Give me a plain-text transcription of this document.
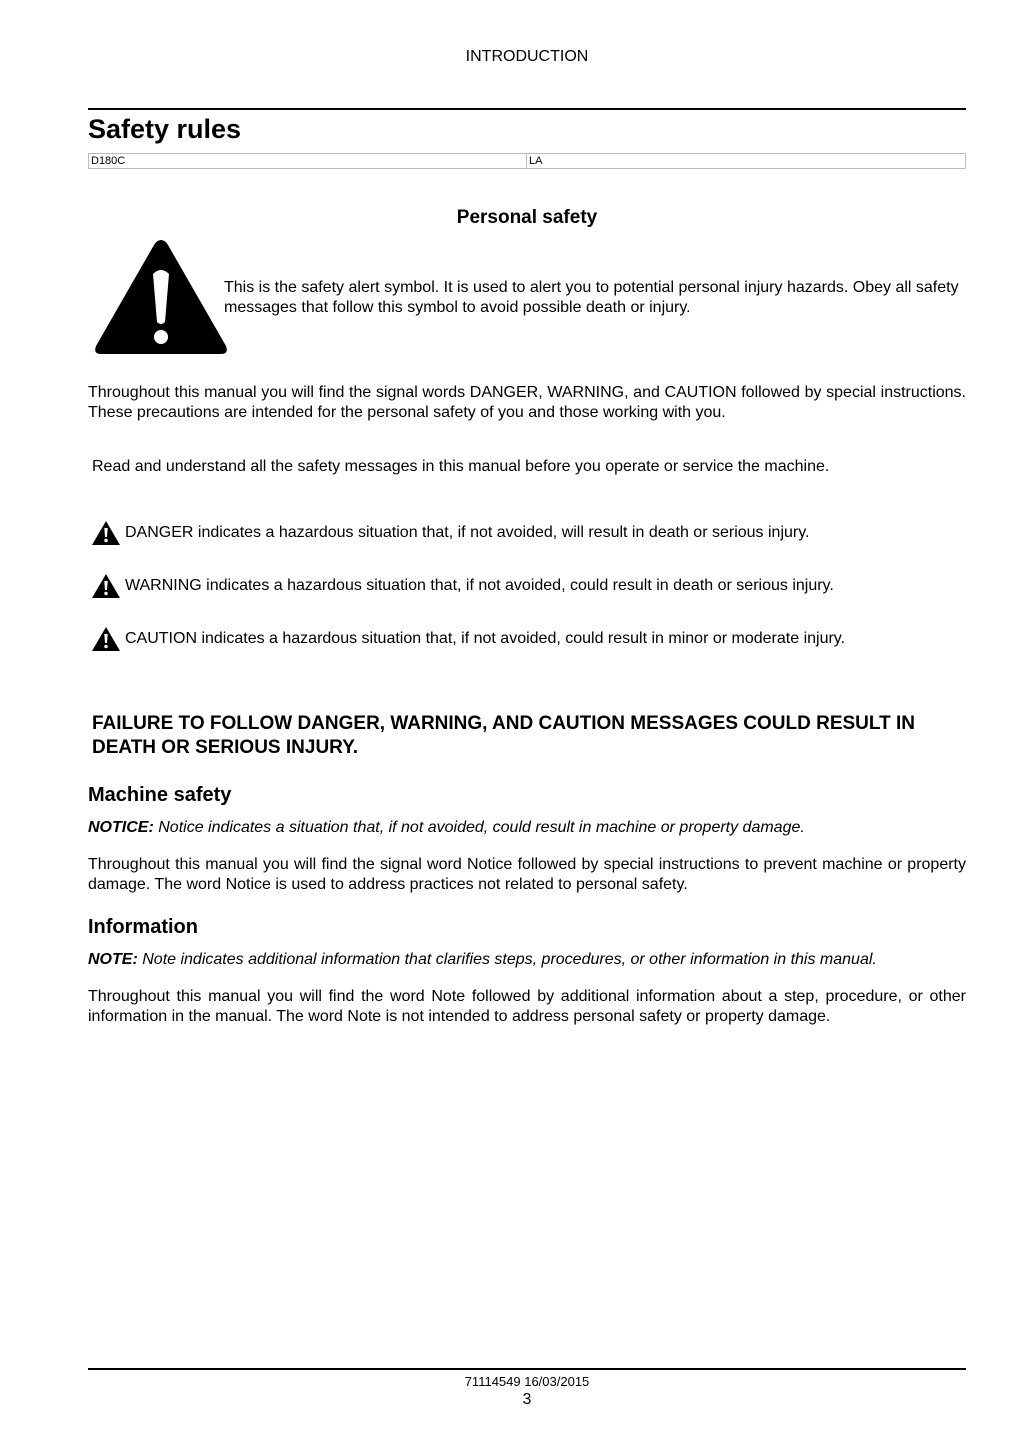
INTRODUCTION
Safety rules
D180C	LA
Personal safety
This is the safety alert symbol. It is used to alert you to potential personal injury hazards. Obey all safety messages that follow this symbol to avoid possible death or injury.
Throughout this manual you will find the signal words DANGER, WARNING, and CAUTION followed by special instructions. These precautions are intended for the personal safety of you and those working with you.
Read and understand all the safety messages in this manual before you operate or service the machine.
DANGER indicates a hazardous situation that, if not avoided, will result in death or serious injury.
WARNING indicates a hazardous situation that, if not avoided, could result in death or serious injury.
CAUTION indicates a hazardous situation that, if not avoided, could result in minor or moderate injury.
FAILURE TO FOLLOW DANGER, WARNING, AND CAUTION MESSAGES COULD RESULT IN DEATH OR SERIOUS INJURY.
Machine safety
NOTICE: Notice indicates a situation that, if not avoided, could result in machine or property damage.
Throughout this manual you will find the signal word Notice followed by special instructions to prevent machine or property damage. The word Notice is used to address practices not related to personal safety.
Information
NOTE: Note indicates additional information that clarifies steps, procedures, or other information in this manual.
Throughout this manual you will find the word Note followed by additional information about a step, procedure, or other information in the manual. The word Note is not intended to address personal safety or property damage.
71114549 16/03/2015
3
